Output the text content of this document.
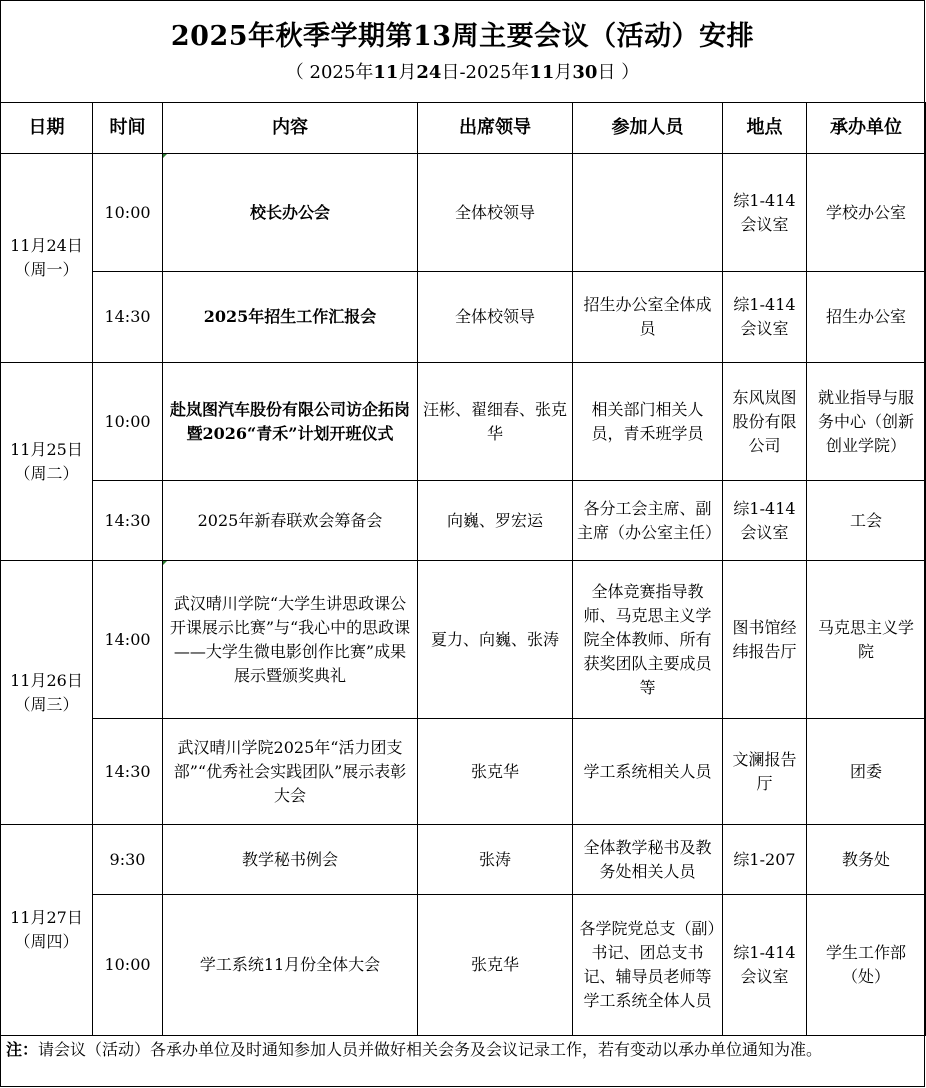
2025年秋季学期第13周主要会议（活动）安排
（ 2025年11月24日-2025年11月30日 ）
日期	时间	内容	出席领导	参加人员	地点	承办单位

11月24日
（周一）	10:00	校长办公会	全体校领导		综1-414会议室	学校办公室
	14:30	2025年招生工作汇报会	全体校领导	招生办公室全体成员	综1-414会议室	招生办公室

11月25日
（周二）	10:00	赴岚图汽车股份有限公司访企拓岗暨2026“青禾”计划开班仪式	汪彬、翟细春、张克华	相关部门相关人员，青禾班学员	东风岚图股份有限公司	就业指导与服务中心（创新创业学院）
	14:30	2025年新春联欢会筹备会	向巍、罗宏运	各分工会主席、副主席（办公室主任）	综1-414会议室	工会

11月26日
（周三）	14:00	武汉晴川学院“大学生讲思政课公开课展示比赛”与“我心中的思政课——大学生微电影创作比赛”成果展示暨颁奖典礼	夏力、向巍、张涛	全体竞赛指导教师、马克思主义学院全体教师、所有获奖团队主要成员等	图书馆经纬报告厅	马克思主义学院
	14:30	武汉晴川学院2025年“活力团支部”“优秀社会实践团队”展示表彰大会	张克华	学工系统相关人员	文澜报告厅	团委

11月27日
（周四）	9:30	教学秘书例会	张涛	全体教学秘书及教务处相关人员	综1-207	教务处
	10:00	学工系统11月份全体大会	张克华	各学院党总支（副）书记、团总支书记、辅导员老师等学工系统全体人员	综1-414会议室	学生工作部（处）
注：请会议（活动）各承办单位及时通知参加人员并做好相关会务及会议记录工作，若有变动以承办单位通知为准。
